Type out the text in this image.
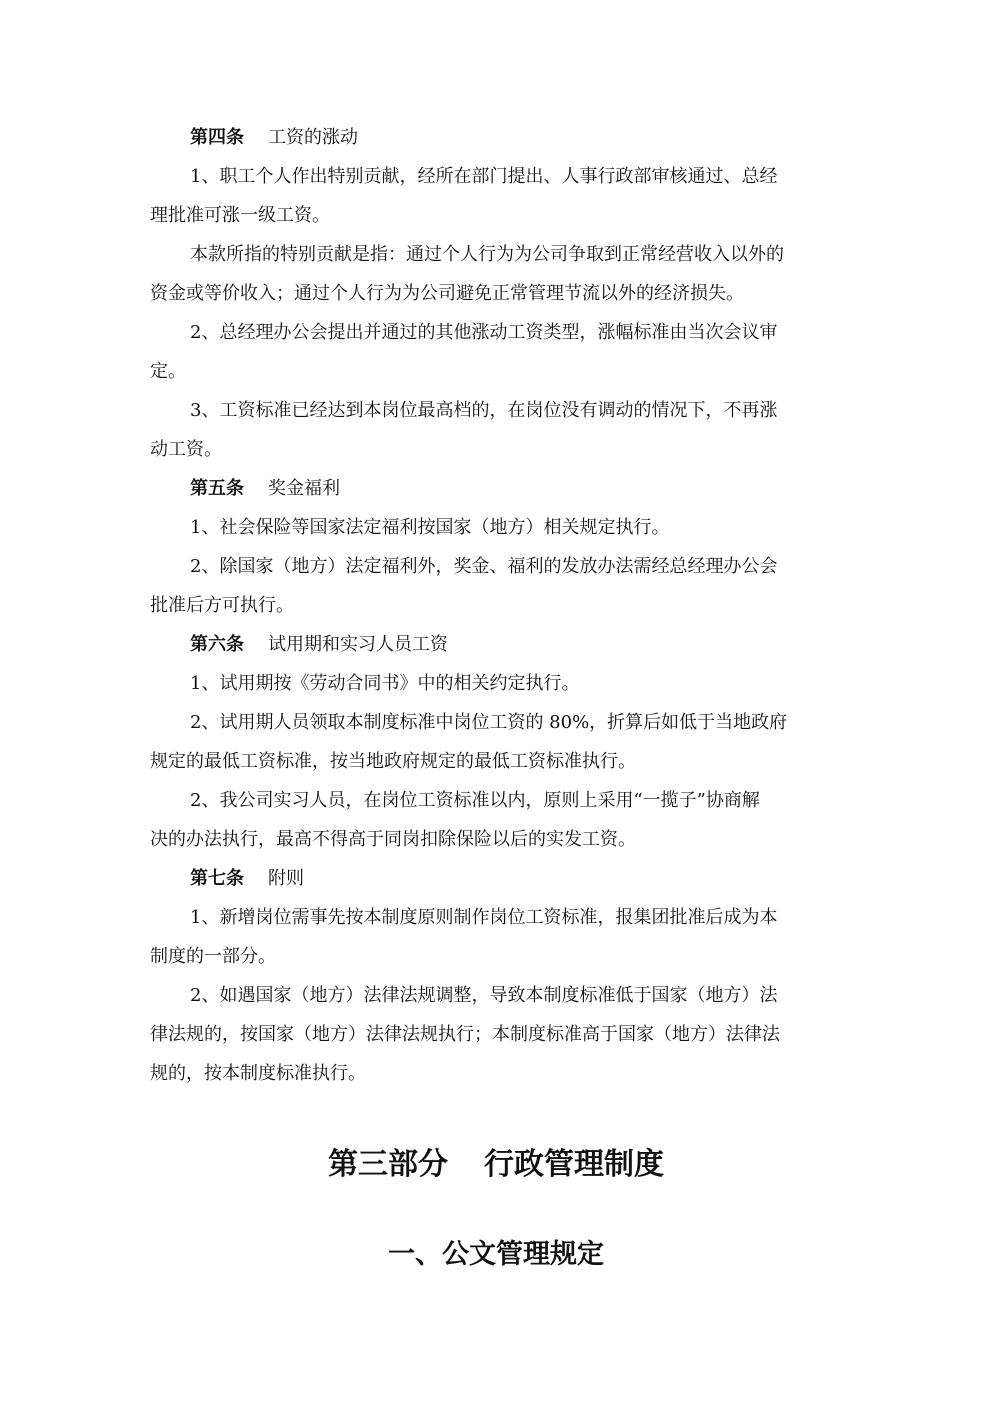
第四条 工资的涨动
1、职工个人作出特别贡献，经所在部门提出、人事行政部审核通过、总经
理批准可涨一级工资。
本款所指的特别贡献是指：通过个人行为为公司争取到正常经营收入以外的
资金或等价收入；通过个人行为为公司避免正常管理节流以外的经济损失。
2、总经理办公会提出并通过的其他涨动工资类型，涨幅标准由当次会议审
定。
3、工资标准已经达到本岗位最高档的，在岗位没有调动的情况下，不再涨
动工资。
第五条 奖金福利
1、社会保险等国家法定福利按国家（地方）相关规定执行。
2、除国家（地方）法定福利外，奖金、福利的发放办法需经总经理办公会
批准后方可执行。
第六条 试用期和实习人员工资
1、试用期按《劳动合同书》中的相关约定执行。
2、试用期人员领取本制度标准中岗位工资的 80%，折算后如低于当地政府
规定的最低工资标准，按当地政府规定的最低工资标准执行。
2、我公司实习人员，在岗位工资标准以内，原则上采用“一揽子”协商解
决的办法执行，最高不得高于同岗扣除保险以后的实发工资。
第七条 附则
1、新增岗位需事先按本制度原则制作岗位工资标准，报集团批准后成为本
制度的一部分。
2、如遇国家（地方）法律法规调整，导致本制度标准低于国家（地方）法
律法规的，按国家（地方）法律法规执行；本制度标准高于国家（地方）法律法
规的，按本制度标准执行。
第三部分 行政管理制度
一、公文管理规定
